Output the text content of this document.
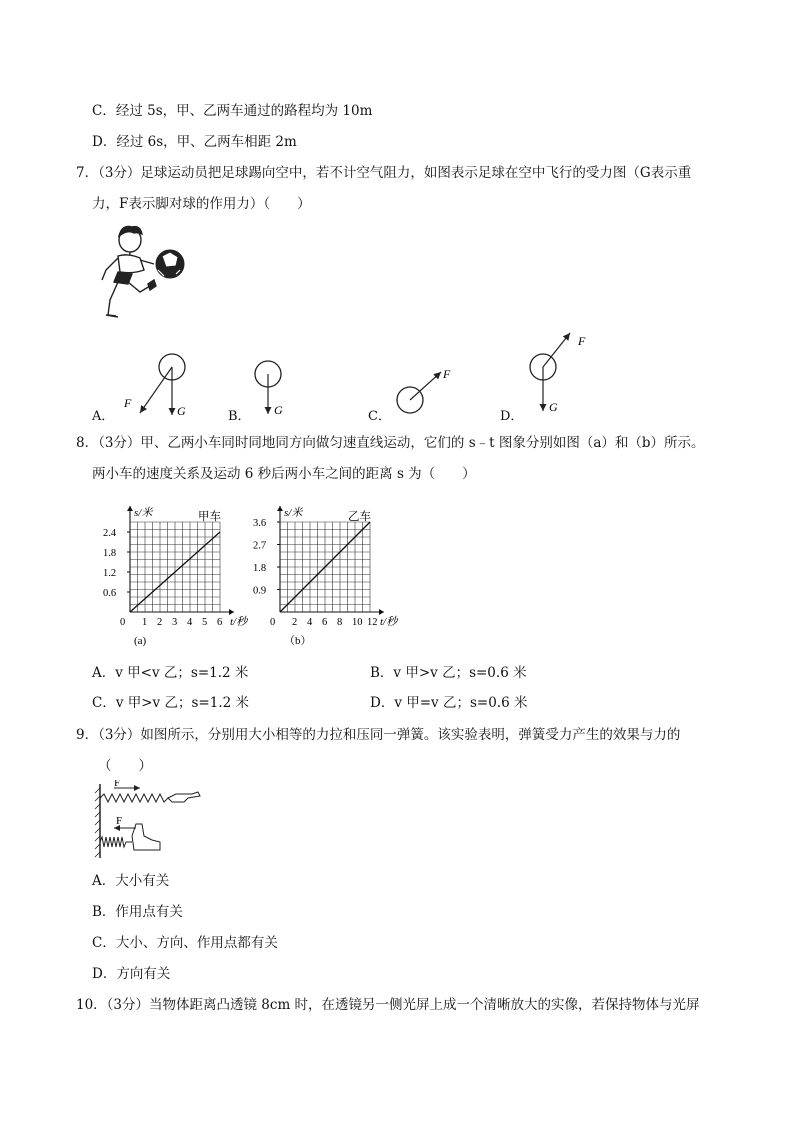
C．经过 5s，甲、乙两车通过的路程均为 10m
D．经过 6s，甲、乙两车相距 2m
7．（3分）足球运动员把足球踢向空中，若不计空气阻力，如图表示足球在空中飞行的受力图（G表示重
力，F表示脚对球的作用力）（　　）
A．	B．	C．	D．
F
G	G
F
F
G
8．（3分）甲、乙两小车同时同地同方向做匀速直线运动，它们的 s﹣t 图象分别如图（a）和（b）所示。
两小车的速度关系及运动 6 秒后两小车之间的距离 s 为（　　）
0 1 2 3 4 5 6
0.6
1.2
1.8
2.4
s/米
t/秒
甲车
(a)
0 2 4 6 8 10 12
0.9
1.8
2.7
3.6
s/米
t/秒
乙车
（b）
A．v 甲<v 乙；s=1.2 米	B．v 甲>v 乙；s=0.6 米
C．v 甲>v 乙；s=1.2 米	D．v 甲=v 乙；s=0.6 米
9．（3分）如图所示，分别用大小相等的力拉和压同一弹簧。该实验表明，弹簧受力产生的效果与力的
（　　）
F
F
A．大小有关
B．作用点有关
C．大小、方向、作用点都有关
D．方向有关
10．（3分）当物体距离凸透镜 8cm 时，在透镜另一侧光屏上成一个清晰放大的实像，若保持物体与光屏
